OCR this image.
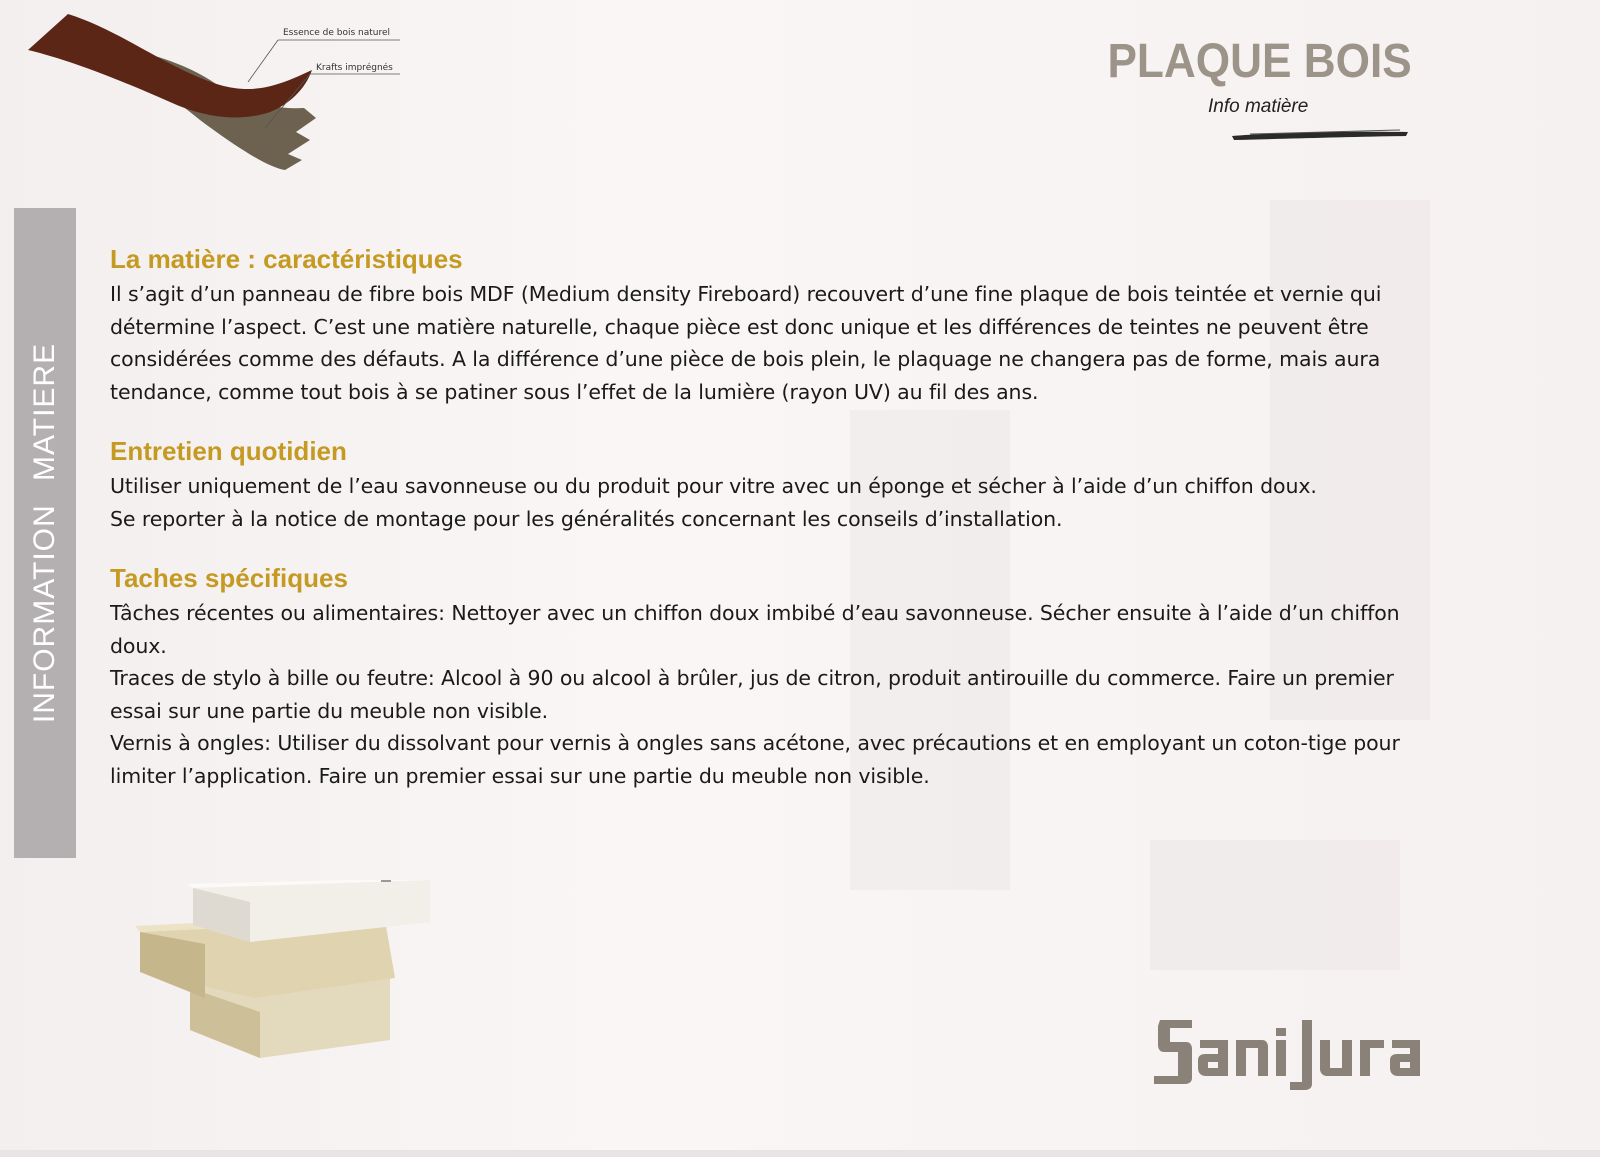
Essence de bois naturel
Krafts imprégnés	PLAQUE BOIS
Info matière
INFORMATION MATIERE
La matière : caractéristiques

Il s’agit d’un panneau de fibre bois MDF (Medium density Fireboard) recouvert d’une fine plaque de bois teintée et vernie qui détermine l’aspect. C’est une matière naturelle, chaque pièce est donc unique et les différences de teintes ne peuvent être considérées comme des défauts. A la différence d’une pièce de bois plein, le plaquage ne changera pas de forme, mais aura tendance, comme tout bois à se patiner sous l’effet de la lumière (rayon UV) au fil des ans.

Entretien quotidien

Utiliser uniquement de l’eau savonneuse ou du produit pour vitre avec un éponge et sécher à l’aide d’un chiffon doux.

Se reporter à la notice de montage pour les généralités concernant les conseils d’installation.

Taches spécifiques

Tâches récentes ou alimentaires: Nettoyer avec un chiffon doux imbibé d’eau savonneuse. Sécher ensuite à l’aide d’un chiffon doux.

Traces de stylo à bille ou feutre: Alcool à 90 ou alcool à brûler, jus de citron, produit antirouille du commerce. Faire un premier essai sur une partie du meuble non visible.

Vernis à ongles: Utiliser du dissolvant pour vernis à ongles sans acétone, avec précautions et en employant un coton-tige pour limiter l’application. Faire un premier essai sur une partie du meuble non visible.
